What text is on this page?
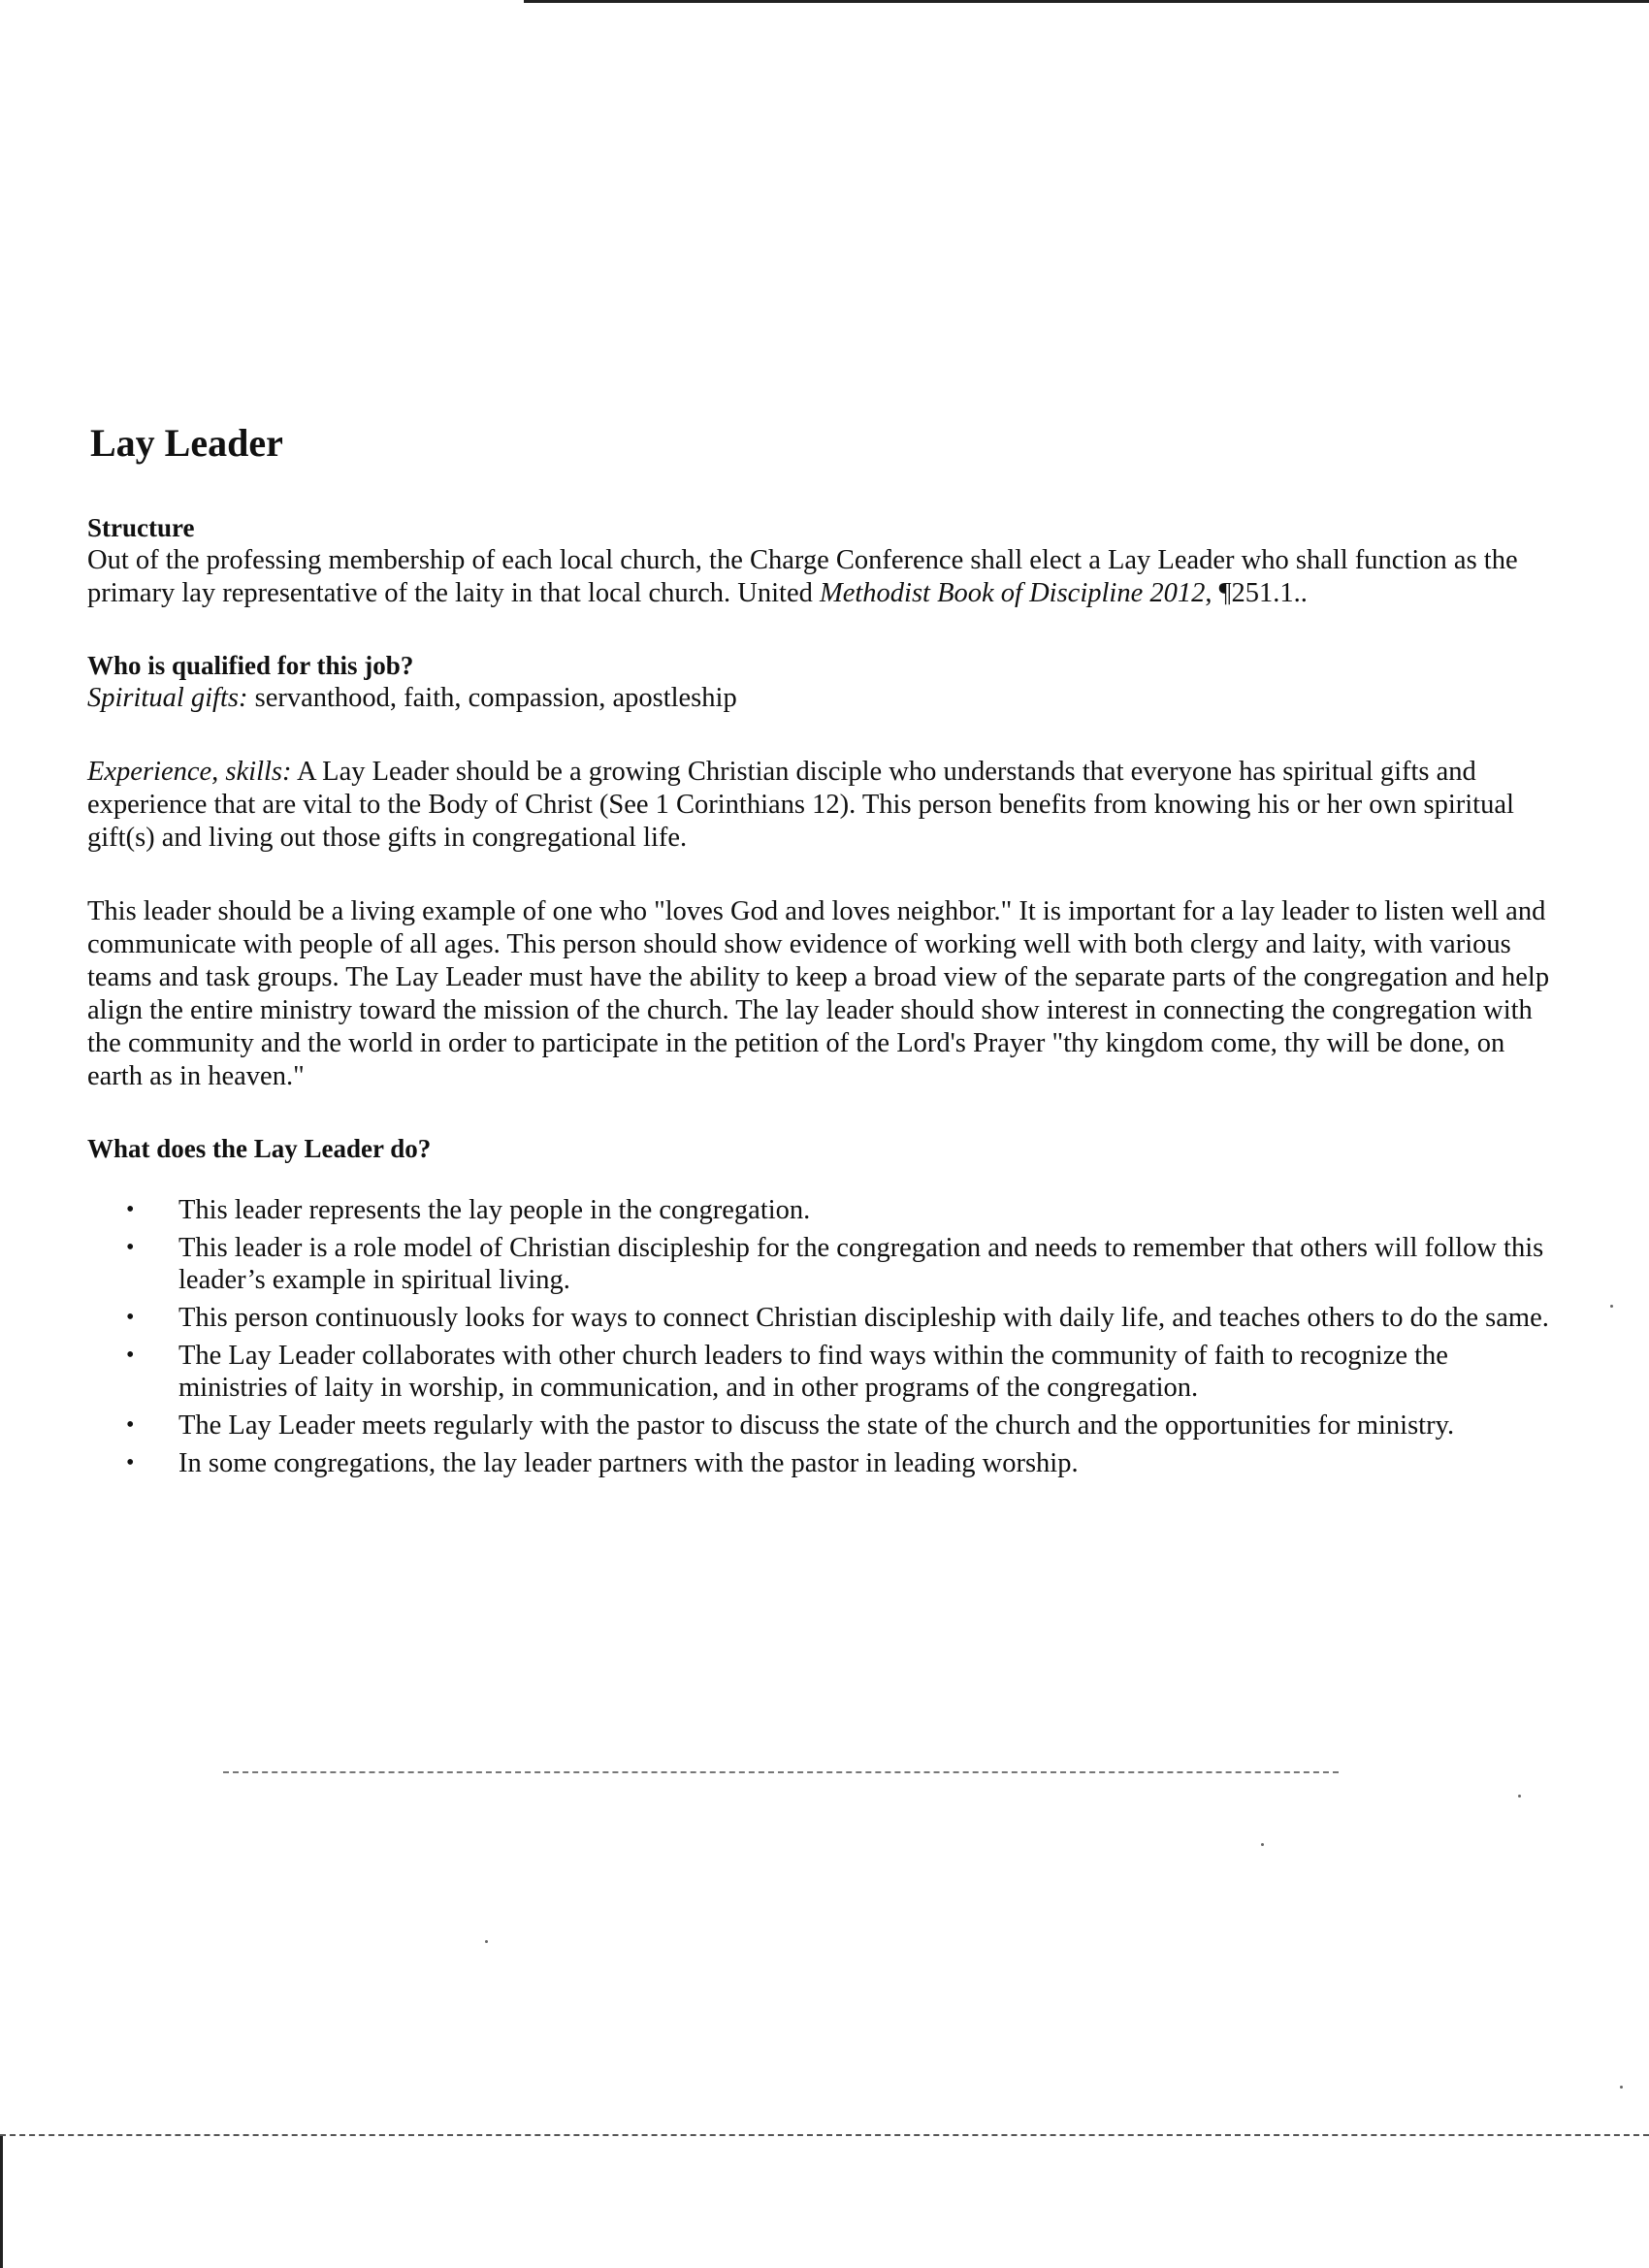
Lay Leader
Structure

Out of the professing membership of each local church, the Charge Conference shall elect a Lay Leader who shall function as the primary lay representative of the laity in that local church. United Methodist Book of Discipline 2012, ¶251.1..

Who is qualified for this job?

Spiritual gifts: servanthood, faith, compassion, apostleship

Experience, skills: A Lay Leader should be a growing Christian disciple who understands that everyone has spiritual gifts and experience that are vital to the Body of Christ (See 1 Corinthians 12). This person benefits from knowing his or her own spiritual gift(s) and living out those gifts in congregational life.

This leader should be a living example of one who "loves God and loves neighbor." It is important for a lay leader to listen well and communicate with people of all ages. This person should show evidence of working well with both clergy and laity, with various teams and task groups. The Lay Leader must have the ability to keep a broad view of the separate parts of the congregation and help align the entire ministry toward the mission of the church. The lay leader should show interest in connecting the congregation with the community and the world in order to participate in the petition of the Lord's Prayer "thy kingdom come, thy will be done, on earth as in heaven."

What does the Lay Leader do?
• This leader represents the lay people in the congregation.
• This leader is a role model of Christian discipleship for the congregation and needs to remember that others will follow this leader’s example in spiritual living.
• This person continuously looks for ways to connect Christian discipleship with daily life, and teaches others to do the same.
• The Lay Leader collaborates with other church leaders to find ways within the community of faith to recognize the ministries of laity in worship, in communication, and in other programs of the congregation.
• The Lay Leader meets regularly with the pastor to discuss the state of the church and the opportunities for ministry.
• In some congregations, the lay leader partners with the pastor in leading worship.
